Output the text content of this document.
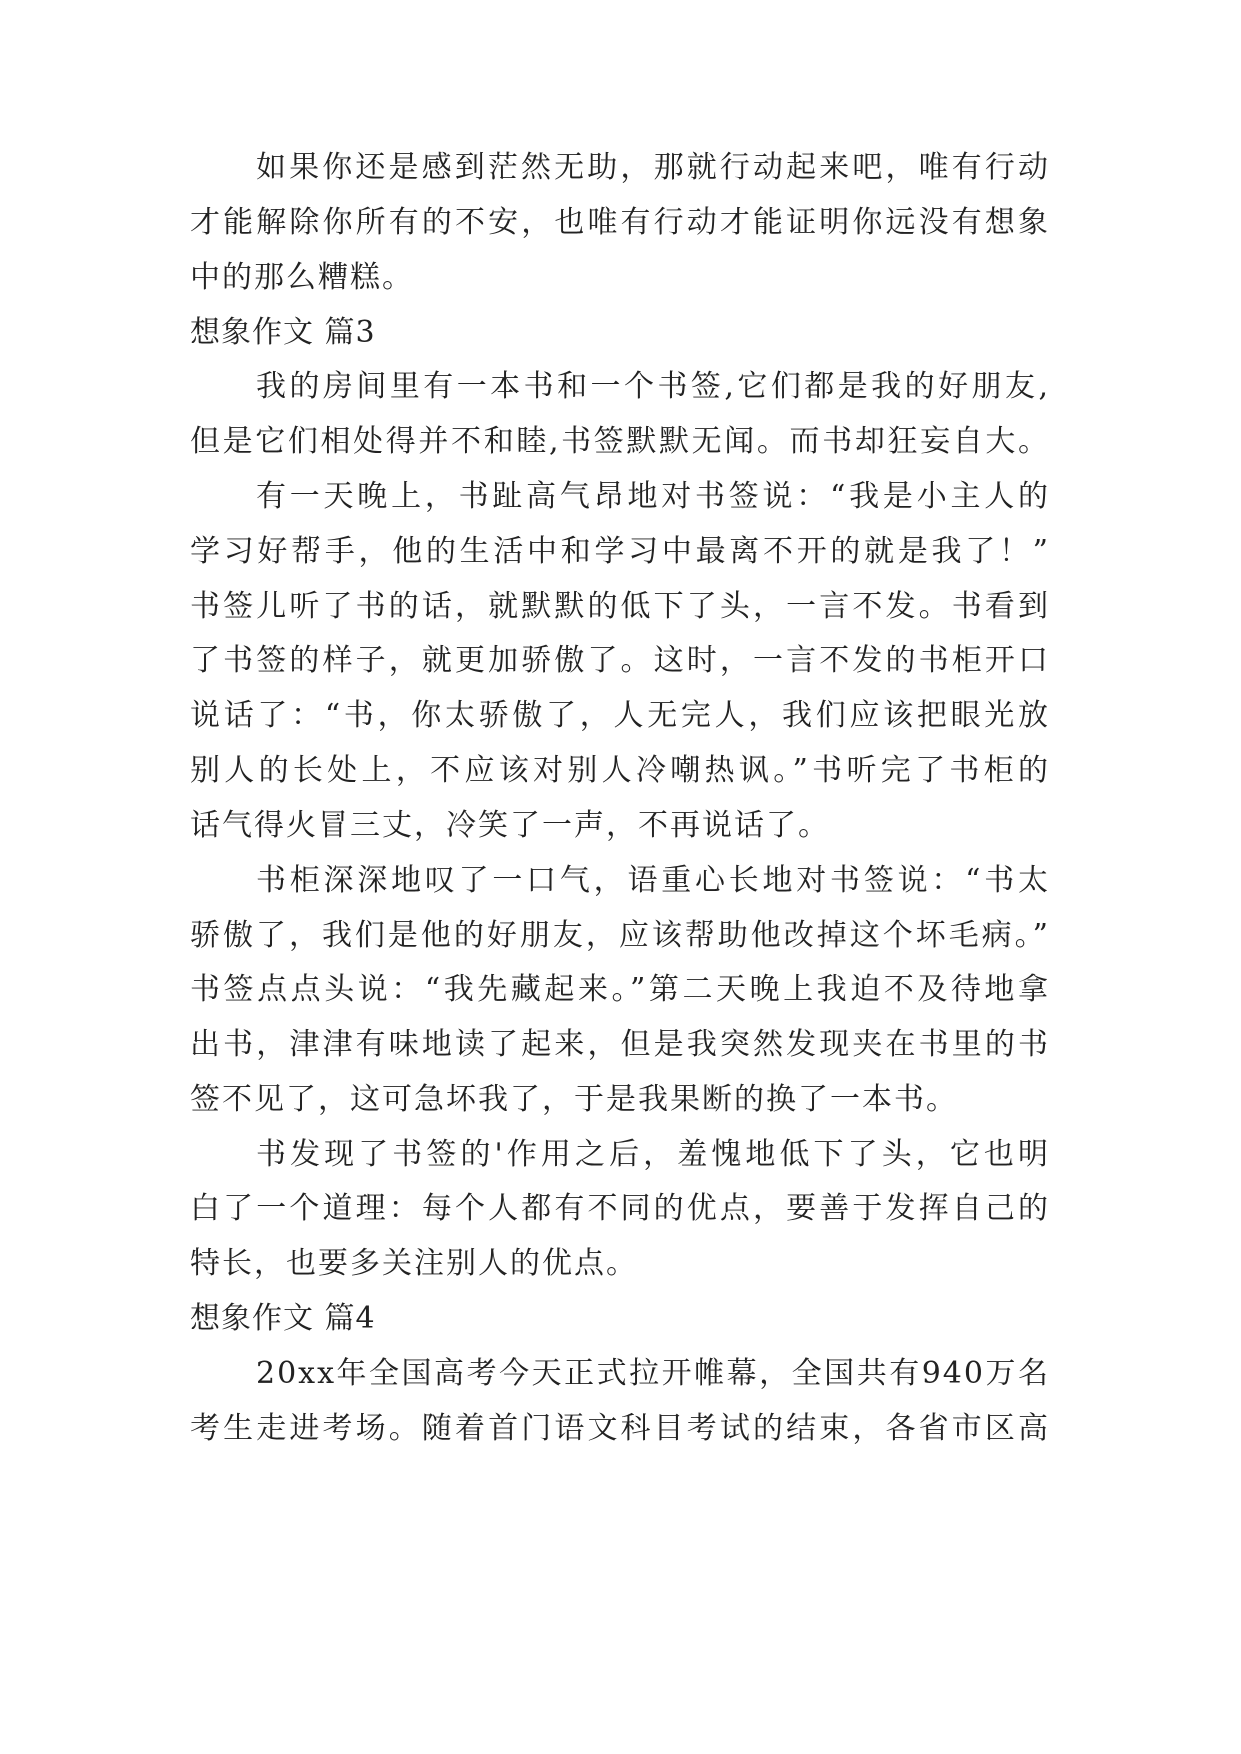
如果你还是感到茫然无助，那就行动起来吧，唯有行动

才能解除你所有的不安，也唯有行动才能证明你远没有想象

中的那么糟糕。

想象作文 篇3

我的房间里有一本书和一个书签,它们都是我的好朋友,

但是它们相处得并不和睦,书签默默无闻。而书却狂妄自大。

有一天晚上，书趾高气昂地对书签说：“我是小主人的

学习好帮手，他的生活中和学习中最离不开的就是我了！”

书签儿听了书的话，就默默的低下了头，一言不发。书看到

了书签的样子，就更加骄傲了。这时，一言不发的书柜开口

说话了：“书，你太骄傲了，人无完人，我们应该把眼光放

别人的长处上，不应该对别人冷嘲热讽。”书听完了书柜的

话气得火冒三丈，冷笑了一声，不再说话了。

书柜深深地叹了一口气，语重心长地对书签说：“书太

骄傲了，我们是他的好朋友，应该帮助他改掉这个坏毛病。”

书签点点头说：“我先藏起来。”第二天晚上我迫不及待地拿

出书，津津有味地读了起来，但是我突然发现夹在书里的书

签不见了，这可急坏我了，于是我果断的换了一本书。

书发现了书签的'作用之后，羞愧地低下了头，它也明

白了一个道理：每个人都有不同的优点，要善于发挥自己的

特长，也要多关注别人的优点。

想象作文 篇4

20xx年全国高考今天正式拉开帷幕，全国共有940万名

考生走进考场。随着首门语文科目考试的结束，各省市区高
